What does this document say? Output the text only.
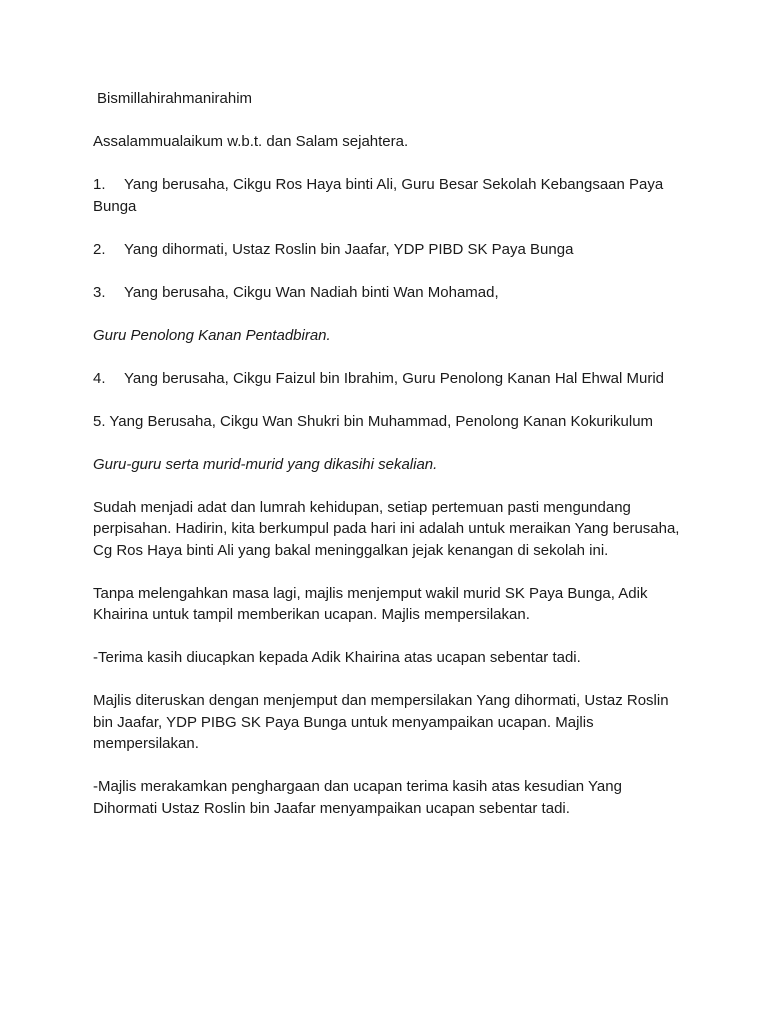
Bismillahirahmanirahim

Assalammualaikum w.b.t. dan Salam sejahtera.

1. Yang berusaha, Cikgu Ros Haya binti Ali, Guru Besar Sekolah Kebangsaan Paya Bunga

2. Yang dihormati, Ustaz Roslin bin Jaafar, YDP PIBD SK Paya Bunga

3. Yang berusaha, Cikgu Wan Nadiah binti Wan Mohamad,

Guru Penolong Kanan Pentadbiran.

4. Yang berusaha, Cikgu Faizul bin Ibrahim, Guru Penolong Kanan Hal Ehwal Murid

5. Yang Berusaha, Cikgu Wan Shukri bin Muhammad, Penolong Kanan Kokurikulum

Guru-guru serta murid-murid yang dikasihi sekalian.

Sudah menjadi adat dan lumrah kehidupan, setiap pertemuan pasti mengundang perpisahan. Hadirin, kita berkumpul pada hari ini adalah untuk meraikan Yang berusaha, Cg Ros Haya binti Ali yang bakal meninggalkan jejak kenangan di sekolah ini.

Tanpa melengahkan masa lagi, majlis menjemput wakil murid SK Paya Bunga, Adik Khairina untuk tampil memberikan ucapan. Majlis mempersilakan.

-Terima kasih diucapkan kepada Adik Khairina atas ucapan sebentar tadi.

Majlis diteruskan dengan menjemput dan mempersilakan Yang dihormati, Ustaz Roslin bin Jaafar, YDP PIBG SK Paya Bunga untuk menyampaikan ucapan. Majlis mempersilakan.

-Majlis merakamkan penghargaan dan ucapan terima kasih atas kesudian Yang Dihormati Ustaz Roslin bin Jaafar menyampaikan ucapan sebentar tadi.
